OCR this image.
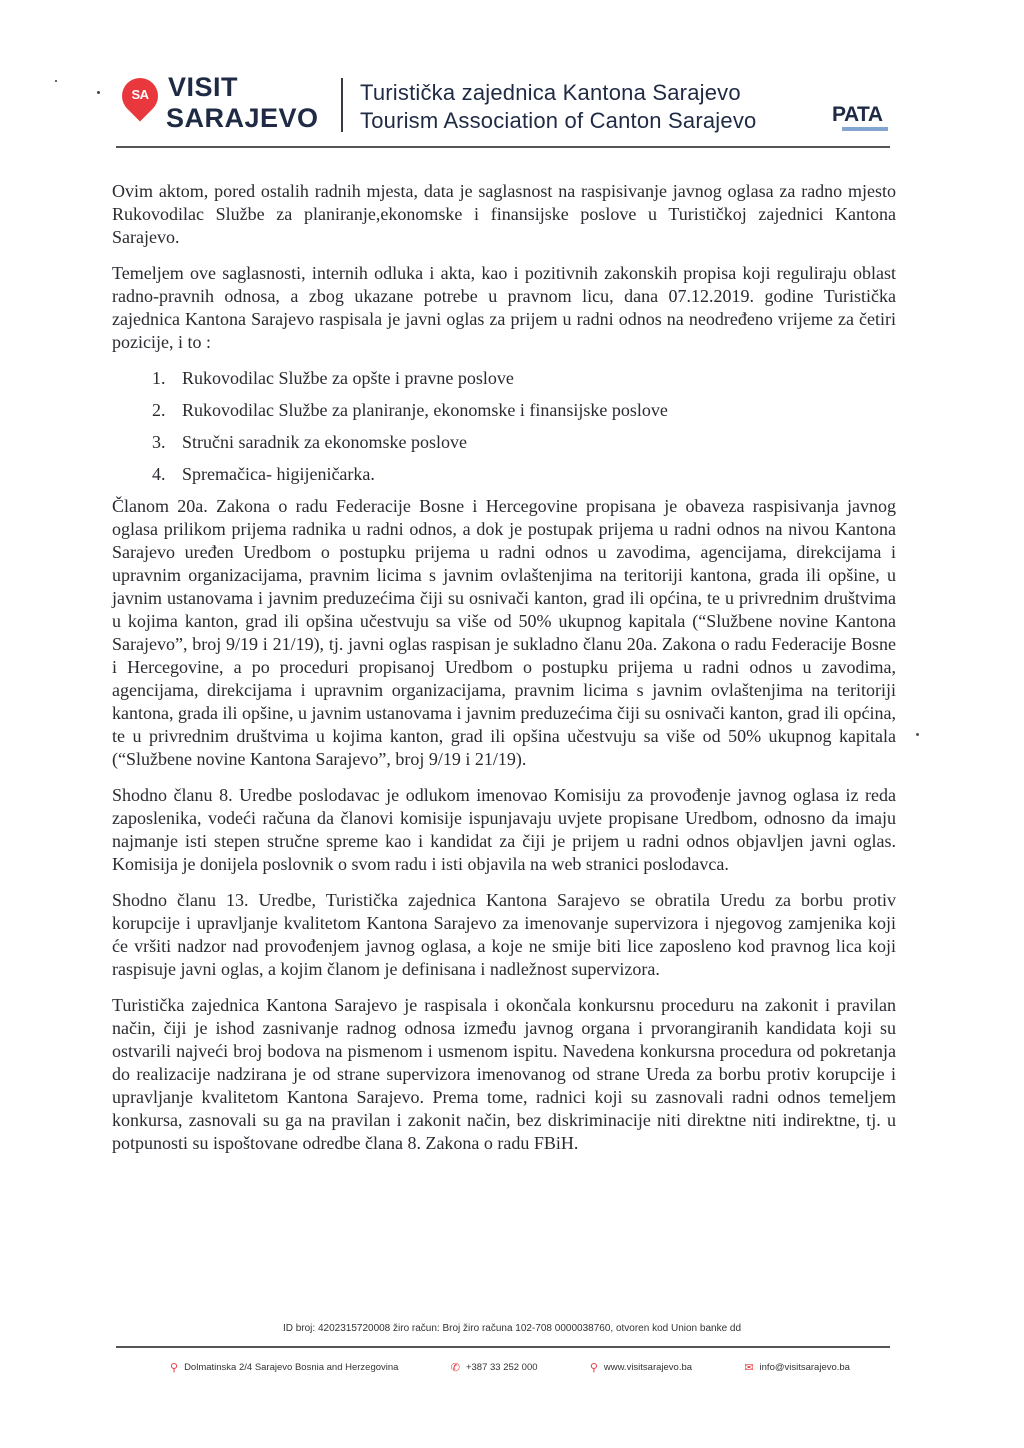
SA VISIT
SARAJEVO
Turistička zajednica Kantona Sarajevo
Tourism Association of Canton Sarajevo	PATA

Ovim aktom, pored ostalih radnih mjesta, data je saglasnost na raspisivanje javnog oglasa za radno mjesto Rukovodilac Službe za planiranje,ekonomske i finansijske poslove u Turističkoj zajednici Kantona Sarajevo.

Temeljem ove saglasnosti, internih odluka i akta, kao i pozitivnih zakonskih propisa koji reguliraju oblast radno-pravnih odnosa, a zbog ukazane potrebe u pravnom licu, dana 07.12.2019. godine Turistička zajednica Kantona Sarajevo raspisala je javni oglas za prijem u radni odnos na neodređeno vrijeme za četiri pozicije, i to :

1. Rukovodilac Službe za opšte i pravne poslove
2. Rukovodilac Službe za planiranje, ekonomske i finansijske poslove
3. Stručni saradnik za ekonomske poslove
4. Spremačica- higijeničarka.

Članom 20a. Zakona o radu Federacije Bosne i Hercegovine propisana je obaveza raspisivanja javnog oglasa prilikom prijema radnika u radni odnos, a dok je postupak prijema u radni odnos na nivou Kantona Sarajevo uređen Uredbom o postupku prijema u radni odnos u zavodima, agencijama, direkcijama i upravnim organizacijama, pravnim licima s javnim ovlaštenjima na teritoriji kantona, grada ili opšine, u javnim ustanovama i javnim preduzećima čiji su osnivači kanton, grad ili općina, te u privrednim društvima u kojima kanton, grad ili opšina učestvuju sa više od 50% ukupnog kapitala (“Službene novine Kantona Sarajevo”, broj 9/19 i 21/19), tj. javni oglas raspisan je sukladno članu 20a. Zakona o radu Federacije Bosne i Hercegovine, a po proceduri propisanoj Uredbom o postupku prijema u radni odnos u zavodima, agencijama, direkcijama i upravnim organizacijama, pravnim licima s javnim ovlaštenjima na teritoriji kantona, grada ili opšine, u javnim ustanovama i javnim preduzećima čiji su osnivači kanton, grad ili općina, te u privrednim društvima u kojima kanton, grad ili opšina učestvuju sa više od 50% ukupnog kapitala (“Službene novine Kantona Sarajevo”, broj 9/19 i 21/19).

Shodno članu 8. Uredbe poslodavac je odlukom imenovao Komisiju za provođenje javnog oglasa iz reda zaposlenika, vodeći računa da članovi komisije ispunjavaju uvjete propisane Uredbom, odnosno da imaju najmanje isti stepen stručne spreme kao i kandidat za čiji je prijem u radni odnos objavljen javni oglas. Komisija je donijela poslovnik o svom radu i isti objavila na web stranici poslodavca.

Shodno članu 13. Uredbe, Turistička zajednica Kantona Sarajevo se obratila Uredu za borbu protiv korupcije i upravljanje kvalitetom Kantona Sarajevo za imenovanje supervizora i njegovog zamjenika koji će vršiti nadzor nad provođenjem javnog oglasa, a koje ne smije biti lice zaposleno kod pravnog lica koji raspisuje javni oglas, a kojim članom je definisana i nadležnost supervizora.

Turistička zajednica Kantona Sarajevo je raspisala i okončala konkursnu proceduru na zakonit i pravilan način, čiji je ishod zasnivanje radnog odnosa između javnog organa i prvorangiranih kandidata koji su ostvarili najveći broj bodova na pismenom i usmenom ispitu. Navedena konkursna procedura od pokretanja do realizacije nadzirana je od strane supervizora imenovanog od strane Ureda za borbu protiv korupcije i upravljanje kvalitetom Kantona Sarajevo. Prema tome, radnici koji su zasnovali radni odnos temeljem konkursa, zasnovali su ga na pravilan i zakonit način, bez diskriminacije niti direktne niti indirektne, tj. u potpunosti su ispoštovane odredbe člana 8. Zakona o radu FBiH.

ID broj: 4202315720008 žiro račun: Broj žiro računa 102-708 0000038760, otvoren kod Union banke dd
⚲ Dolmatinska 2/4 Sarajevo Bosnia and Herzegovina	✆ +387 33 252 000	⚲ www.visitsarajevo.ba	✉ info@visitsarajevo.ba
